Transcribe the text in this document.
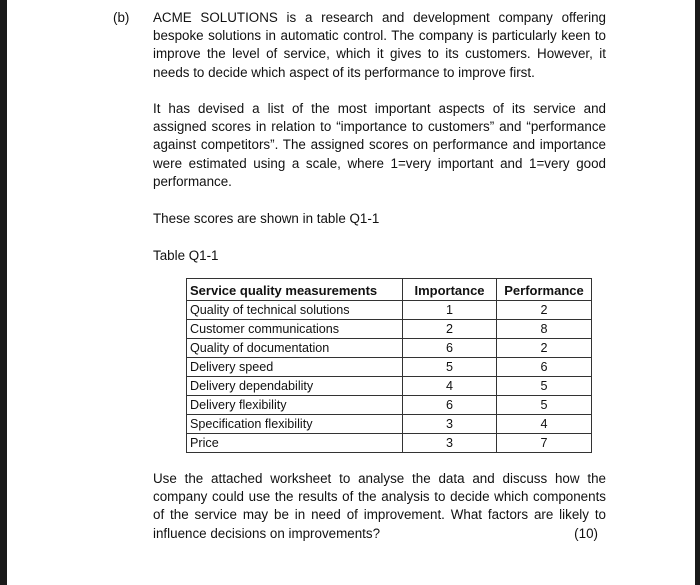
(b) ACME SOLUTIONS is a research and development company offering bespoke solutions in automatic control. The company is particularly keen to improve the level of service, which it gives to its customers. However, it needs to decide which aspect of its performance to improve first.

It has devised a list of the most important aspects of its service and assigned scores in relation to “importance to customers” and “performance against competitors”. The assigned scores on performance and importance were estimated using a scale, where 1=very important and 1=very good performance.

These scores are shown in table Q1-1

Table Q1-1
Service quality measurements	Importance	Performance
Quality of technical solutions	1	2
Customer communications	2	8
Quality of documentation	6	2
Delivery speed	5	6
Delivery dependability	4	5
Delivery flexibility	6	5
Specification flexibility	3	4
Price	3	7

Use the attached worksheet to analyse the data and discuss how the company could use the results of the analysis to decide which components of the service may be in need of improvement. What factors are likely to influence decisions on improvements?	(10)
